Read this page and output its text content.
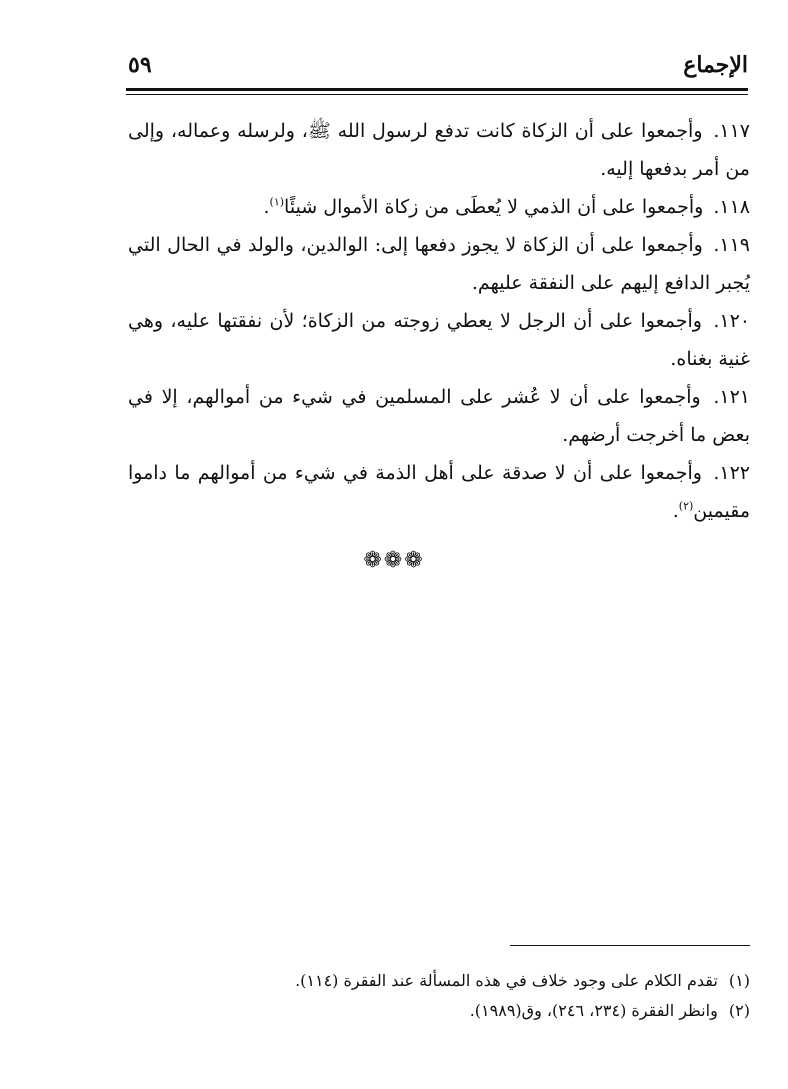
الإجماع
٥٩

١١٧. وأجمعوا على أن الزكاة كانت تدفع لرسول الله ﷺ، ولرسله وعماله، وإلى من أمر بدفعها إليه.

١١٨. وأجمعوا على أن الذمي لا يُعطَى من زكاة الأموال شيئًا$^{(١)}$.

١١٩. وأجمعوا على أن الزكاة لا يجوز دفعها إلى: الوالدين، والولد في الحال التي يُجبر الدافع إليهم على النفقة عليهم.

١٢٠. وأجمعوا على أن الرجل لا يعطي زوجته من الزكاة؛ لأن نفقتها عليه، وهي غنية بغناه.

١٢١. وأجمعوا على أن لا عُشر على المسلمين في شيء من أموالهم، إلا في بعض ما أخرجت أرضهم.

١٢٢. وأجمعوا على أن لا صدقة على أهل الذمة في شيء من أموالهم ما داموا مقيمين$^{(٢)}$.

❁❁❁

(١) تقدم الكلام على وجود خلاف في هذه المسألة عند الفقرة (١١٤).

(٢) وانظر الفقرة (٢٣٤، ٢٤٦)، وق(١٩٨٩).
